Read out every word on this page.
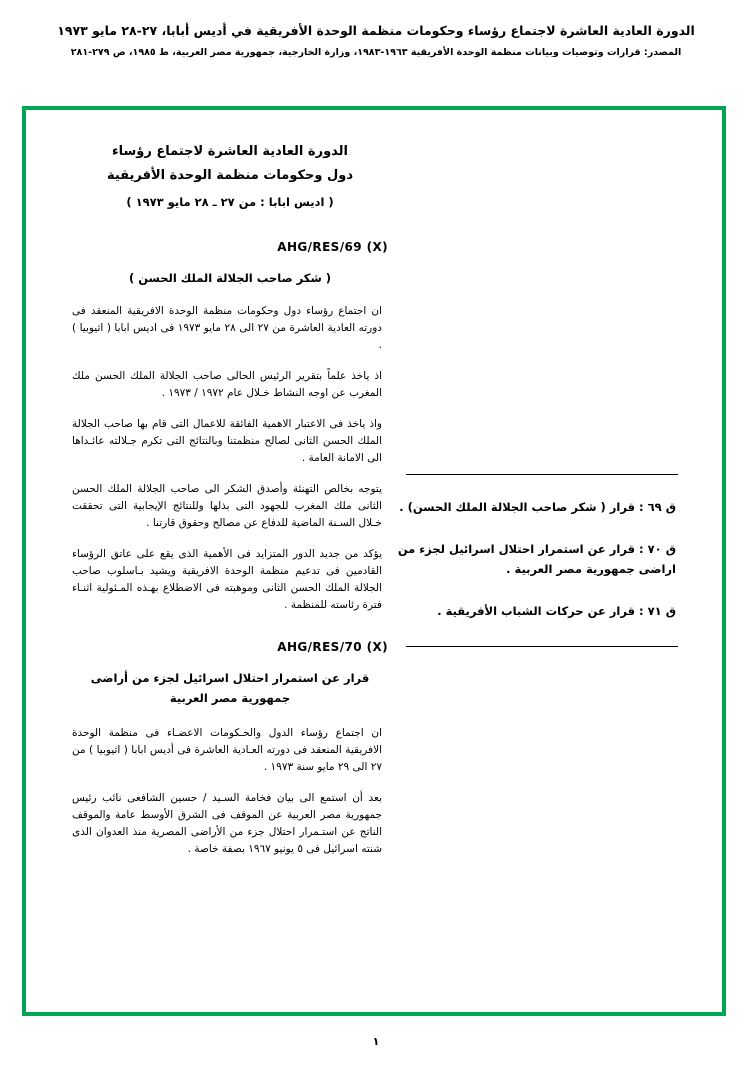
الدورة العادية العاشرة لاجتماع رؤساء وحكومات منظمة الوحدة الأفريقية في أديس أبابا، ٢٧-٢٨ مايو ١٩٧٣
المصدر: قرارات وتوصيات وبيانات منظمة الوحدة الأفريقية ١٩٦٣-١٩٨٣، وزارة الخارجية، جمهورية مصر العربية، ط ١٩٨٥، ص ٢٧٩-٢٨١
الدورة العادية العاشرة لاجتماع رؤساء
دول وحكومات منظمة الوحدة الأفريقية
( اديس ابابا : من ٢٧ ـ ٢٨ مايو ١٩٧٣ )
AHG/RES/69 (X)
( شكر صاحب الجلالة الملك الحسن )

ان اجتماع رؤساء دول وحكومات منظمة الوحدة الافريقية المنعقد فى دورته العادية العاشرة من ٢٧ الى ٢٨ مايو ١٩٧٣ فى اديس ابابا ( اثيوبيا ) .

اذ ياخذ علماً بتقرير الرئيس الحالى صاحب الجلالة الملك الحسن ملك المغرب عن اوجه النشاط خـلال عام ١٩٧٢ / ١٩٧٣ .

واذ ياخذ فى الاعتبار الاهمية الفائقة للاعمال التى قام بها صاحب الجلالة الملك الحسن الثانى لصالح منظمتنا وبالنتائج التى تكرم جـلالته عائـداها الى الامانة العامة .

يتوجه بخالص التهنئة وأصدق الشكر الى صاحب الجلالة الملك الحسن الثانى ملك المغرب للجهود التى بذلها وللنتائج الإيجابية التى تحققت خـلال السـنة الماضية للدفاع عن مصالح وحقوق قارتنا .

يؤكد من جديد الدور المتزايد فى الأهمية الذى يقع على عاتق الرؤساء القادمين فى تدعيم منظمة الوحدة الافريقية ويشيد بـاسلوب صاحب الجلالة الملك الحسن الثانى وموهبته فى الاضطلاع بهـذه المـئولية اثنـاء فترة رئاسته للمنظمة .

AHG/RES/70 (X)
قرار عن استمرار احتلال اسرائيل لجزء من أراضى جمهورية مصر العربية

ان اجتماع رؤساء الدول والحـكومات الاعضـاء فى منظمة الوحدة الافريقية المنعقد فى دورته العـادية العاشرة فى أديس ابابا ( اثيوبيا ) من ٢٧ الى ٢٩ مايو سنة ١٩٧٣ .

بعد أن استمع الى بيان فخامة السـيد / حسين الشافعى نائب رئيس جمهورية مصر العربية عن الموقف فى الشرق الأوسط عامة والموقف الناتج عن استـمرار احتلال جزء من الأراضى المصرية منذ العدوان الذى شنته اسرائيل فى ٥ يونيو ١٩٦٧ بصفة خاصة .

ق ٦٩ : قرار ( شكر صاحب الجلالة الملك الحسن) .
ق ٧٠ : قرار عن استمرار احتلال اسرائيل لجزء من اراضى جمهورية مصر العربية .
ق ٧١ : قرار عن حركات الشباب الأفريقية .
١
